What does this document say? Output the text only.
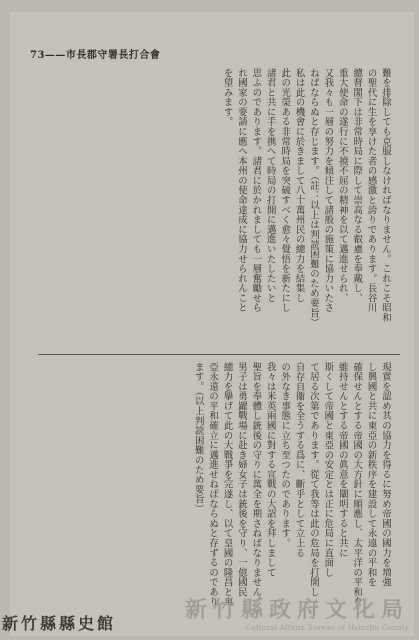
73——市長郡守署長打合會

難を排除しても克服しなければなりません。これこそ昭和

の聖代に生を享けた者の感激と誇りであります。長谷川

總督閣下は非常時局に際して崇高なる叡慮を奉戴し、

重大使命の遂行に不撓不屈の精神を以て邁進せられ、

又我々も一層の努力を傾注して諸般の施策に協力いたさ

ねばならぬと存じます。（註：以上は判読困難のため要旨）

私は此の機會に於きまして八十萬州民の總力を結集し

此の光榮ある非常時局を突破すべく愈々覺悟を新たにし

諸君と共に手を携へて時局の打開に邁進いたしたいと

思ふのであります。諸君に於かれましても一層奮勵せら

れ國家の要請に應へ本州の使命達成に協力せられんこと

を望みます。

現實を認め其の協力を得るに努め帝國の國力を増強

し興國と共に東亞の新秩序を建設して永遠の平和を

確保せんとする帝國の大方針に順應し、太平洋の平和を

維持せんとする帝國の眞意を闡明すると共に

斯くして帝國と東亞の安定とは正に危局に直面し

て居る次第であります。從て我等は此の危局を打開し

自存自衞を全うする爲に、斷乎として立上る

の外なき事態に立ち至つたのであります。

我々は米英兩國に對する宣戰の大詔を拜しまして

聖旨を奉體し銃後の守りに萬全を期さねばなりません。

男子は勇躍戰場に赴き婦女子は銃後を守り、一億國民

總力を擧げて此の大戰爭を完遂し、以て皇國の隆昌と東

亞永遠の平和確立に邁進せねばならぬと存ずるのであり

ます。（以上判読困難のため要旨）

新竹縣縣史館
新竹縣政府文化局
Cultural Affairs Bureau of Hsinchu County
